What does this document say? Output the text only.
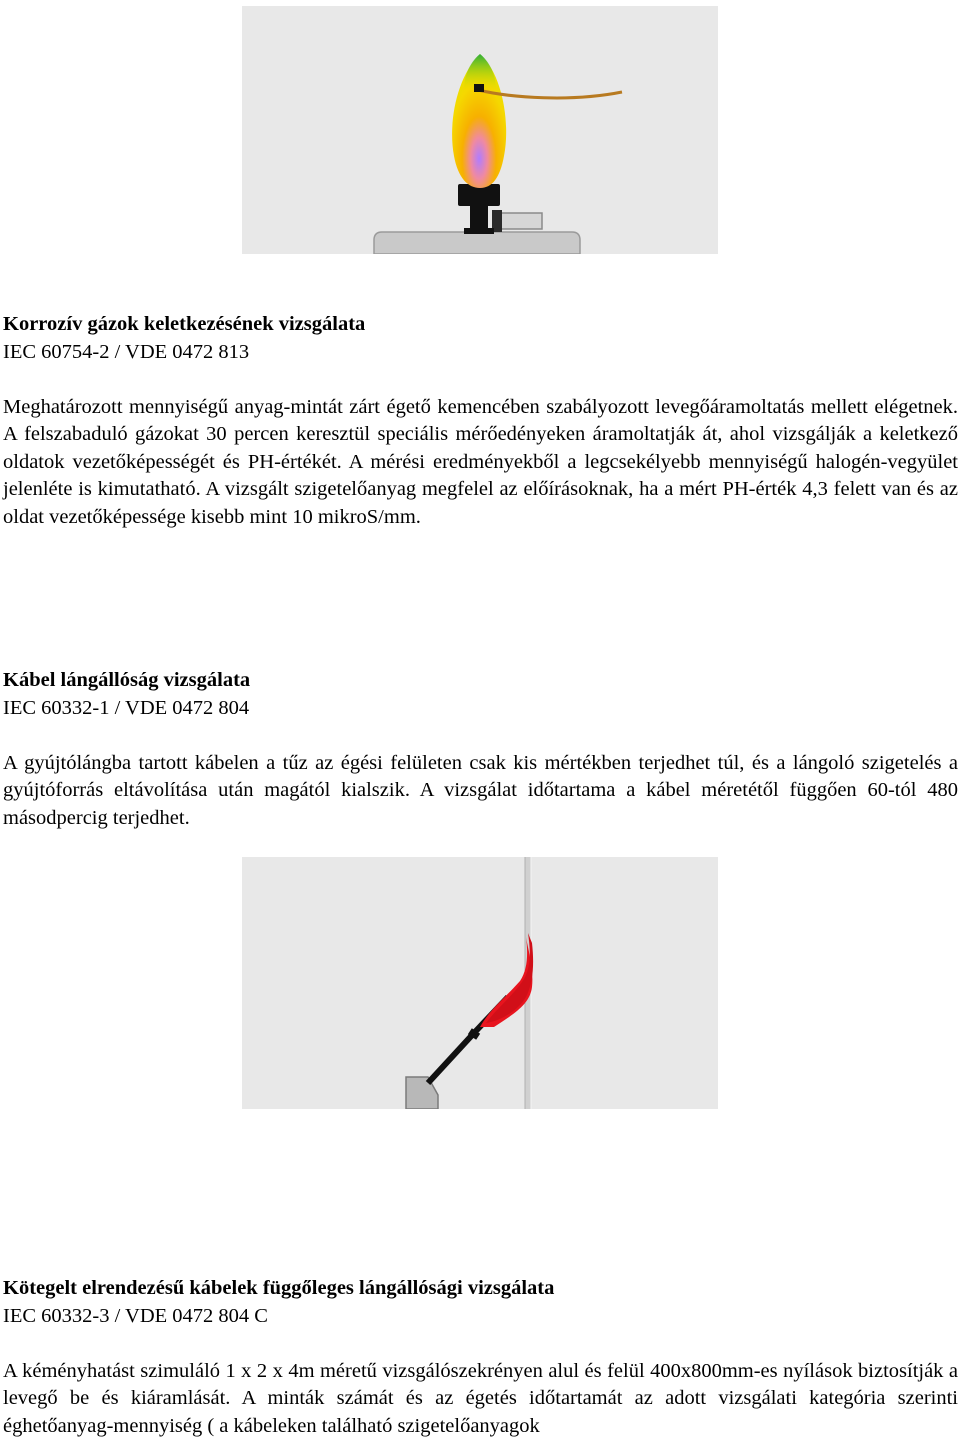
Korrozív gázok keletkezésének vizsgálata

IEC 60754-2 / VDE 0472 813

Meghatározott mennyiségű anyag-mintát zárt égető kemencében szabályozott levegőáramoltatás mellett elégetnek. A felszabaduló gázokat 30 percen keresztül speciális mérőedényeken áramoltatják át, ahol vizsgálják a keletkező oldatok vezetőképességét és PH-értékét. A mérési eredményekből a legcsekélyebb mennyiségű halogén-vegyület jelenléte is kimutatható. A vizsgált szigetelőanyag megfelel az előírásoknak, ha a mért PH-érték 4,3 felett van és az oldat vezetőképessége kisebb mint 10 mikroS/mm.

Kábel lángállóság vizsgálata

IEC 60332-1 / VDE 0472 804

A gyújtólángba tartott kábelen a tűz az égési felületen csak kis mértékben terjedhet túl, és a lángoló szigetelés a gyújtóforrás eltávolítása után magától kialszik. A vizsgálat időtartama a kábel méretétől függően 60-tól 480 másodpercig terjedhet.

Kötegelt elrendezésű kábelek függőleges lángállósági vizsgálata

IEC 60332-3 / VDE 0472 804 C

A kéményhatást szimuláló 1 x 2 x 4m méretű vizsgálószekrényen alul és felül 400x800mm-es nyílások biztosítják a levegő be és kiáramlását. A minták számát és az égetés időtartamát az adott vizsgálati kategória szerinti éghetőanyag-mennyiség ( a kábeleken található szigetelőanyagok
